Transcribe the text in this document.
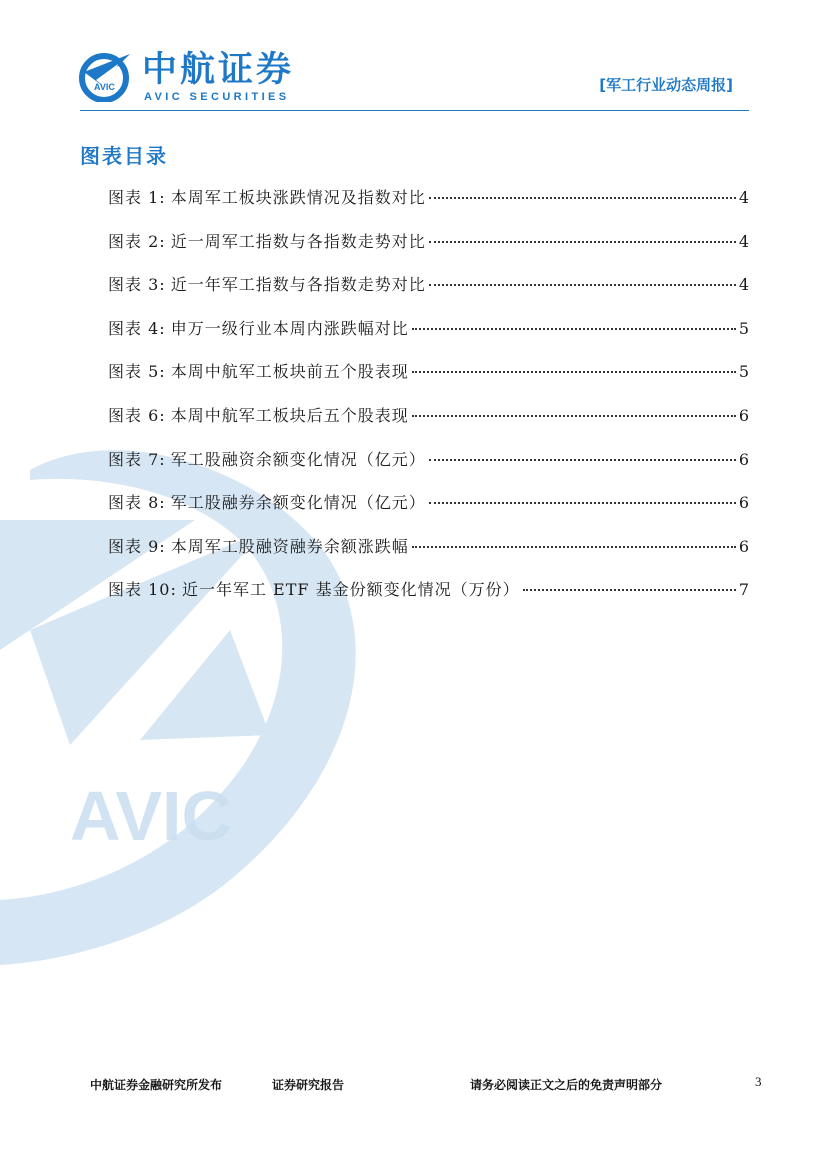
AVIC
AVIC 中航证券
AVIC SECURITIES
[军工行业动态周报]
图表目录
图表 1:
本周军工板块涨跌情况及指数对比	4
图表 2:
近一周军工指数与各指数走势对比	4
图表 3:
近一年军工指数与各指数走势对比	4
图表 4:
申万一级行业本周内涨跌幅对比	5
图表 5:
本周中航军工板块前五个股表现	5
图表 6:
本周中航军工板块后五个股表现	6
图表 7:
军工股融资余额变化情况（亿元）	6
图表 8:
军工股融券余额变化情况（亿元）	6
图表 9:
本周军工股融资融券余额涨跌幅	6
图表 10:
近一年军工 ETF 基金份额变化情况（万份）	7
中航证券金融研究所发布	证券研究报告	请务必阅读正文之后的免责声明部分	3
